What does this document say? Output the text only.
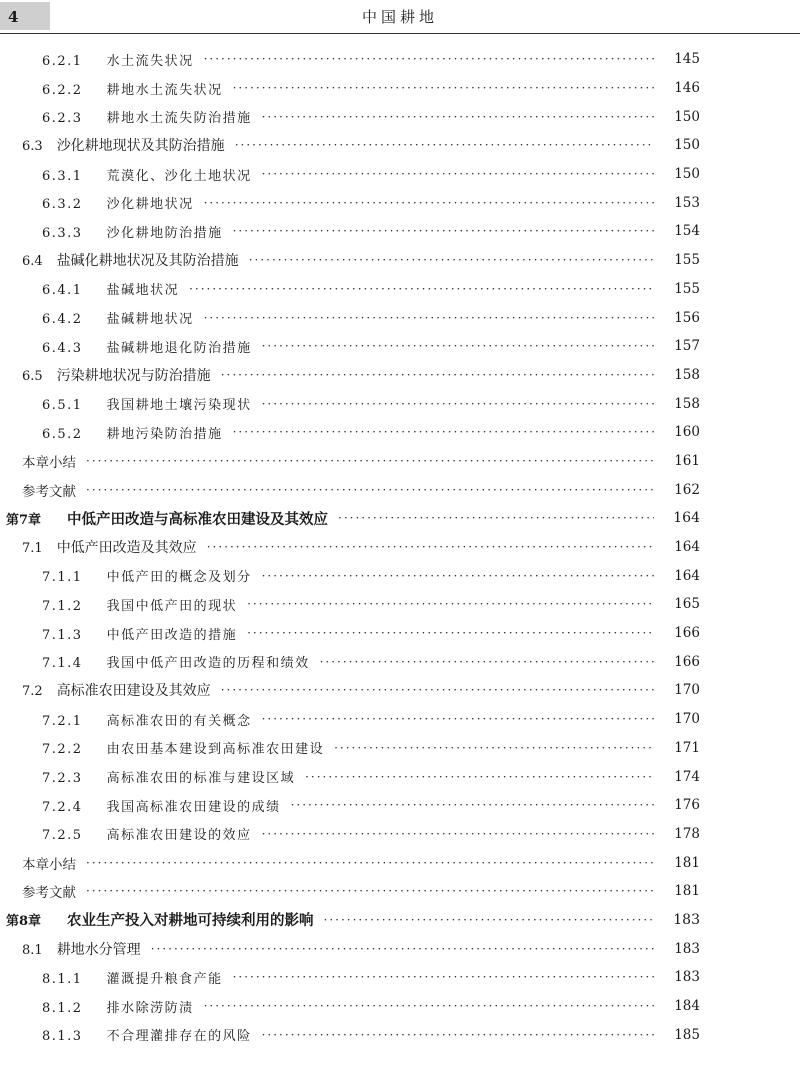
4	中国耕地
6.2.1 水土流失状况 ·····	145
6.2.2 耕地水土流失状况 ·····	146
6.2.3 耕地水土流失防治措施 ·····	150
6.3 沙化耕地现状及其防治措施 ·····	150
6.3.1 荒漠化、沙化土地状况 ·····	150
6.3.2 沙化耕地状况 ·····	153
6.3.3 沙化耕地防治措施 ·····	154
6.4 盐碱化耕地状况及其防治措施 ·····	155
6.4.1 盐碱地状况 ·····	155
6.4.2 盐碱耕地状况 ·····	156
6.4.3 盐碱耕地退化防治措施 ·····	157
6.5 污染耕地状况与防治措施 ·····	158
6.5.1 我国耕地土壤污染现状 ·····	158
6.5.2 耕地污染防治措施 ·····	160
本章小结 ·····	161
参考文献 ·····	162
第7章 中低产田改造与高标准农田建设及其效应 ·····	164
7.1 中低产田改造及其效应 ·····	164
7.1.1 中低产田的概念及划分 ·····	164
7.1.2 我国中低产田的现状 ·····	165
7.1.3 中低产田改造的措施 ·····	166
7.1.4 我国中低产田改造的历程和绩效 ·····	166
7.2 高标准农田建设及其效应 ·····	170
7.2.1 高标准农田的有关概念 ·····	170
7.2.2 由农田基本建设到高标准农田建设 ·····	171
7.2.3 高标准农田的标准与建设区域 ·····	174
7.2.4 我国高标准农田建设的成绩 ·····	176
7.2.5 高标准农田建设的效应 ·····	178
本章小结 ·····	181
参考文献 ·····	181
第8章 农业生产投入对耕地可持续利用的影响 ·····	183
8.1 耕地水分管理 ·····	183
8.1.1 灌溉提升粮食产能 ·····	183
8.1.2 排水除涝防渍 ·····	184
8.1.3 不合理灌排存在的风险 ·····	185
